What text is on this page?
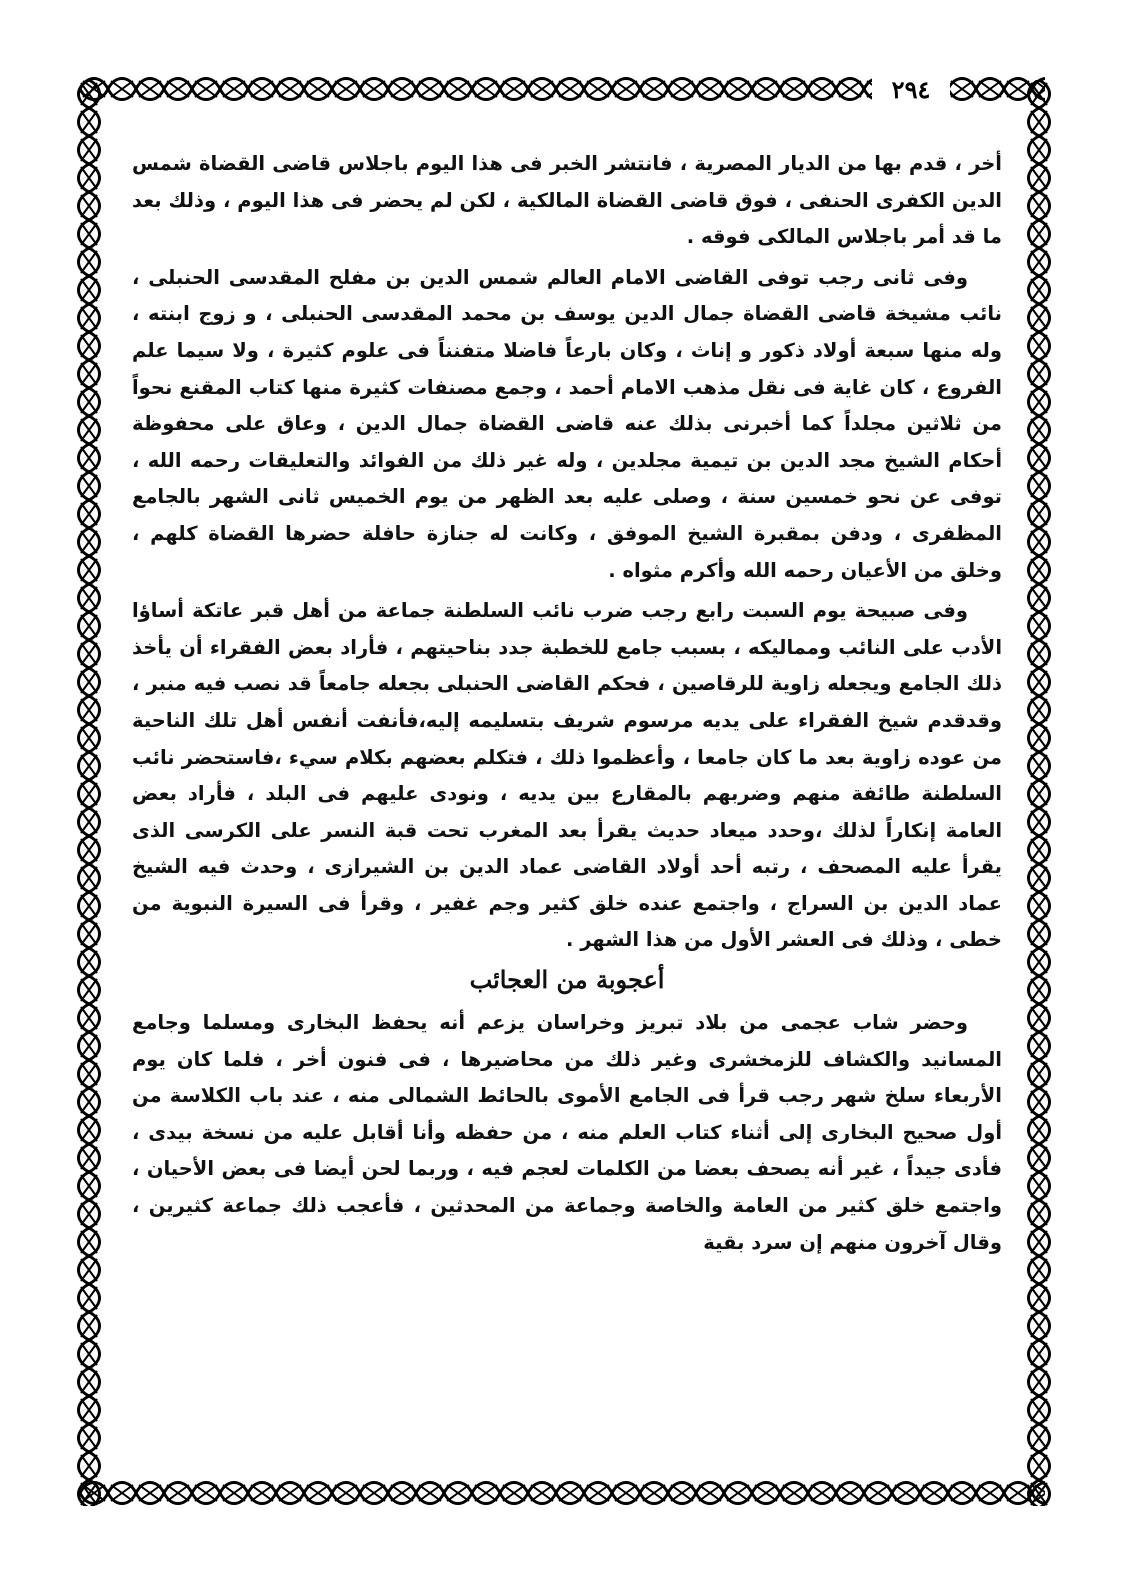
٢٩٤

أخر ، قدم بها من الديار المصرية ، فانتشر الخبر فى هذا اليوم باجلاس قاضى القضاة شمس الدين الكفرى الحنفى ، فوق قاضى القضاة المالكية ، لكن لم يحضر فى هذا اليوم ، وذلك بعد ما قد أمر باجلاس المالكى فوقه .

وفى ثانى رجب توفى القاضى الامام العالم شمس الدين بن مفلح المقدسى الحنبلى ، نائب مشيخة قاضى القضاة جمال الدين يوسف بن محمد المقدسى الحنبلى ، و زوج ابنته ، وله منها سبعة أولاد ذكور و إناث ، وكان بارعاً فاضلا متفنناً فى علوم كثيرة ، ولا سيما علم الفروع ، كان غاية فى نقل مذهب الامام أحمد ، وجمع مصنفات كثيرة منها كتاب المقنع نحواً من ثلاثين مجلداً كما أخبرنى بذلك عنه قاضى القضاة جمال الدين ، وعاق على محفوظة أحكام الشيخ مجد الدين بن تيمية مجلدين ، وله غير ذلك من الفوائد والتعليقات رحمه الله ، توفى عن نحو خمسين سنة ، وصلى عليه بعد الظهر من يوم الخميس ثانى الشهر بالجامع المظفرى ، ودفن بمقبرة الشيخ الموفق ، وكانت له جنازة حافلة حضرها القضاة كلهم ، وخلق من الأعيان رحمه الله وأكرم مثواه .

وفى صبيحة يوم السبت رابع رجب ضرب نائب السلطنة جماعة من أهل قبر عاتكة أساؤا الأدب على النائب ومماليكه ، بسبب جامع للخطبة جدد بناحيتهم ، فأراد بعض الفقراء أن يأخذ ذلك الجامع ويجعله زاوية للرقاصين ، فحكم القاضى الحنبلى بجعله جامعاً قد نصب فيه منبر ، وقدقدم شيخ الفقراء على يديه مرسوم شريف بتسليمه إليه،فأنفت أنفس أهل تلك الناحية من عوده زاوية بعد ما كان جامعا ، وأعظموا ذلك ، فتكلم بعضهم بكلام سيء ،فاستحضر نائب السلطنة طائفة منهم وضربهم بالمقارع بين يديه ، ونودى عليهم فى البلد ، فأراد بعض العامة إنكاراً لذلك ،وحدد ميعاد حديث يقرأ بعد المغرب تحت قبة النسر على الكرسى الذى يقرأ عليه المصحف ، رتبه أحد أولاد القاضى عماد الدين بن الشيرازى ، وحدث فيه الشيخ عماد الدين بن السراج ، واجتمع عنده خلق كثير وجم غفير ، وقرأ فى السيرة النبوية من خطى ، وذلك فى العشر الأول من هذا الشهر .

أعجوبة من العجائب

وحضر شاب عجمى من بلاد تبريز وخراسان يزعم أنه يحفظ البخارى ومسلما وجامع المسانيد والكشاف للزمخشرى وغير ذلك من محاضيرها ، فى فنون أخر ، فلما كان يوم الأربعاء سلخ شهر رجب قرأ فى الجامع الأموى بالحائط الشمالى منه ، عند باب الكلاسة من أول صحيح البخارى إلى أثناء كتاب العلم منه ، من حفظه وأنا أقابل عليه من نسخة بيدى ، فأدى جيداً ، غير أنه يصحف بعضا من الكلمات لعجم فيه ، وربما لحن أيضا فى بعض الأحيان ، واجتمع خلق كثير من العامة والخاصة وجماعة من المحدثين ، فأعجب ذلك جماعة كثيرين ، وقال آخرون منهم إن سرد بقية
